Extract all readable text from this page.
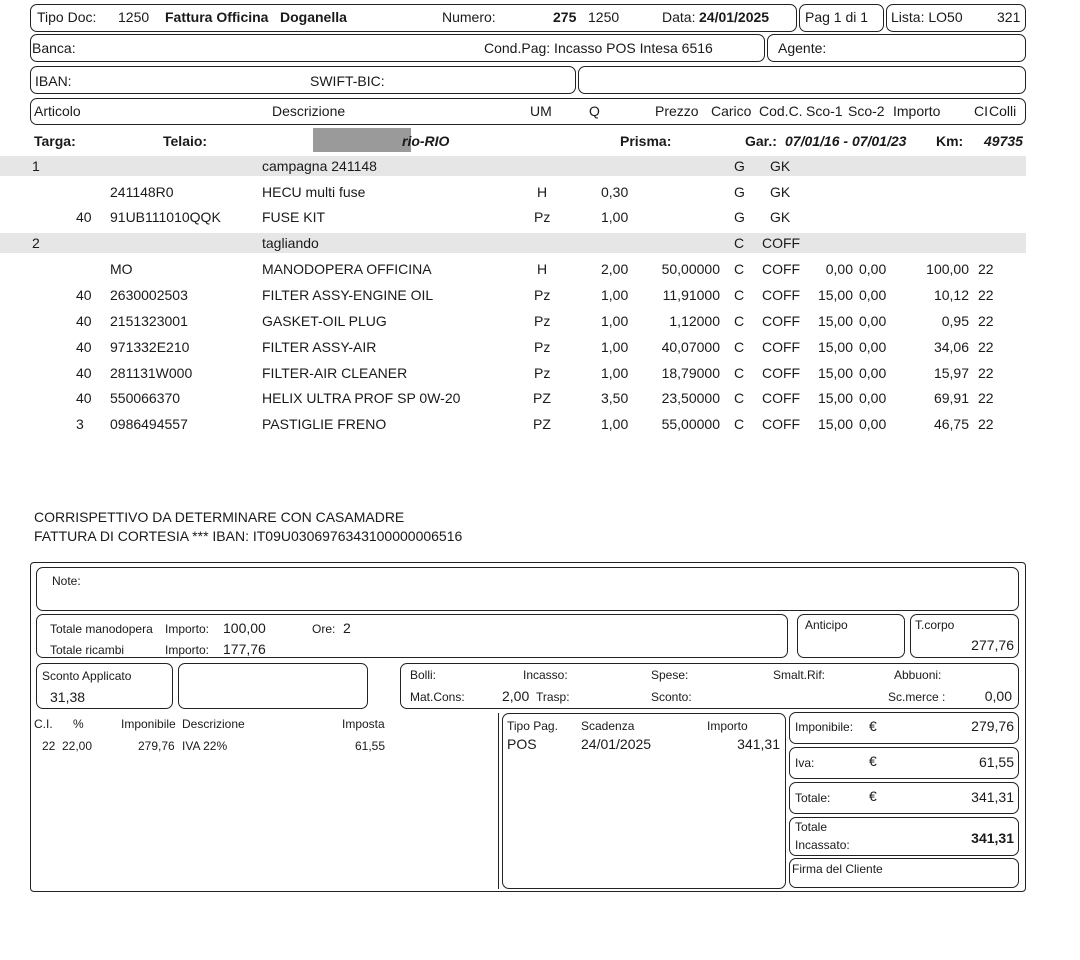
Tipo Doc: 1250 Fattura Officina Doganella	Numero:	275 1250	Data: 24/01/2025	Pag 1 di 1 Lista: LO50 321
Banca:	Cond.Pag: Incasso POS Intesa 6516	Agente:
IBAN:	SWIFT-BIC:
Articolo	Descrizione	UM	Q	Prezzo Carico Cod.C. Sco-1 Sco-2 Importo CI Colli
Targa:	Telaio:	rio-RIO	Prisma:	Gar.: 07/01/16 - 07/01/23 Km: 49735
1	campagna 241148	G GK
241148R0	HECU multi fuse	H	0,30	G GK
40 91UB111010QQK	FUSE KIT	Pz	1,00	G GK
2	tagliando	C COFF
MO	MANODOPERA OFFICINA	H	2,00 50,00000 C COFF 0,00 0,00	100,00 22
40 2630002503	FILTER ASSY-ENGINE OIL	Pz	1,00 11,91000 C COFF 15,00 0,00	10,12 22
40 2151323001	GASKET-OIL PLUG	Pz	1,00	1,12000 C COFF 15,00 0,00	0,95 22
40 971332E210	FILTER ASSY-AIR	Pz	1,00 40,07000 C COFF 15,00 0,00	34,06 22
40 281131W000	FILTER-AIR CLEANER	Pz	1,00 18,79000 C COFF 15,00 0,00	15,97 22
40 550066370	HELIX ULTRA PROF SP 0W-20	PZ	3,50 23,50000 C COFF 15,00 0,00	69,91 22
3 0986494557	PASTIGLIE FRENO	PZ	1,00 55,00000 C COFF 15,00 0,00	46,75 22
CORRISPETTIVO DA DETERMINARE CON CASAMADRE
FATTURA DI CORTESIA *** IBAN: IT09U0306976343100000006516
Note:
Totale manodopera Importo: 100,00	Ore: 2
Totale ricambi	Importo: 177,76
Anticipo	T.corpo
277,76
Sconto Applicato
31,38
Bolli:
Mat.Cons:
Incasso:
2,00 Trasp:
Spese:
Sconto:
Smalt.Rif:	Abbuoni:
Sc.merce :	0,00
C.I. %	Imponibile Descrizione	Imposta
22 22,00	279,76 IVA 22%	61,55
Tipo Pag. Scadenza	Importo
POS	24/01/2025	341,31
Imponibile: €	279,76
Iva:	€	61,55
Totale:	€	341,31
Totale
Incassato:	341,31
Firma del Cliente
